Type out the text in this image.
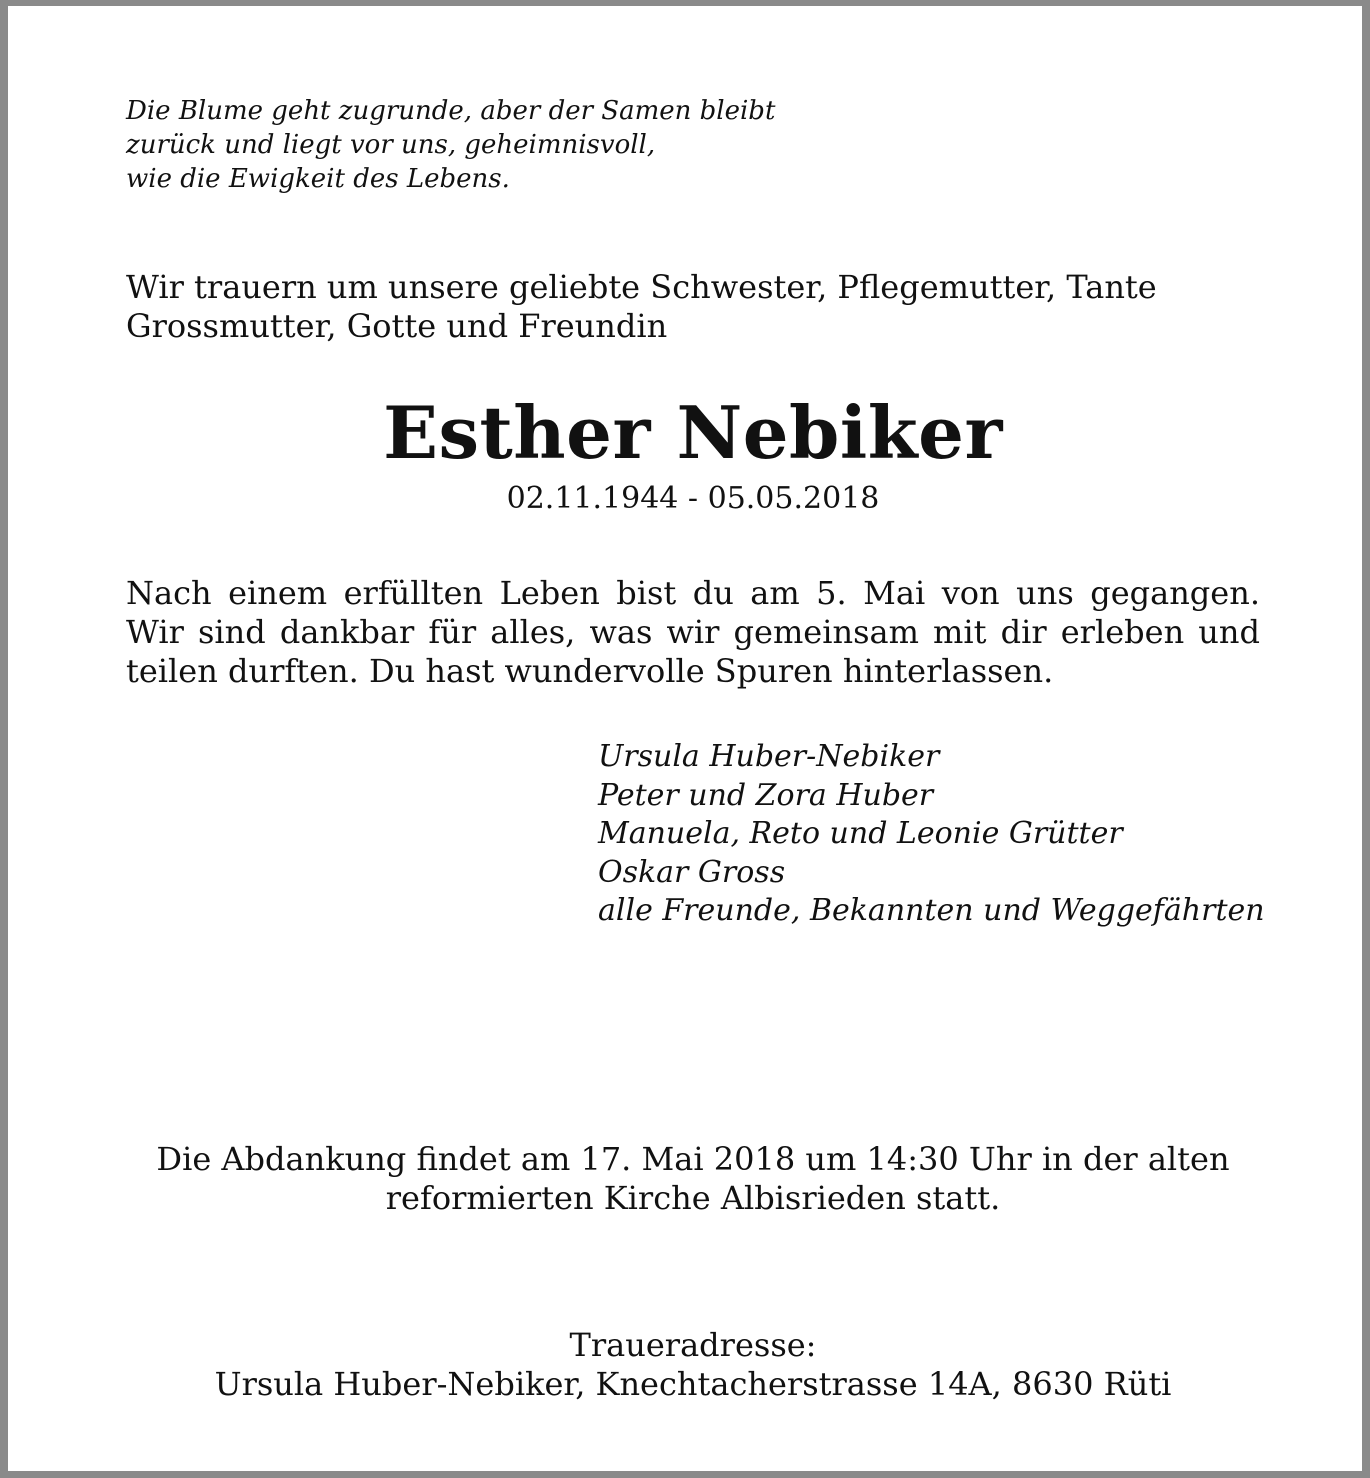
Die Blume geht zugrunde, aber der Samen bleibt
zurück und liegt vor uns, geheimnisvoll,
wie die Ewigkeit des Lebens.
Wir trauern um unsere geliebte Schwester, Pflegemutter, Tante
Grossmutter, Gotte und Freundin
Esther Nebiker
02.11.1944 - 05.05.2018
Nach einem erfüllten Leben bist du am 5. Mai von uns gegangen.
Wir sind dankbar für alles, was wir gemeinsam mit dir erleben und
teilen durften. Du hast wundervolle Spuren hinterlassen.
Ursula Huber-Nebiker
Peter und Zora Huber
Manuela, Reto und Leonie Grütter
Oskar Gross
alle Freunde, Bekannten und Weggefährten
Die Abdankung findet am 17. Mai 2018 um 14:30 Uhr in der alten
reformierten Kirche Albisrieden statt.
Traueradresse:
Ursula Huber-Nebiker, Knechtacherstrasse 14A, 8630 Rüti
